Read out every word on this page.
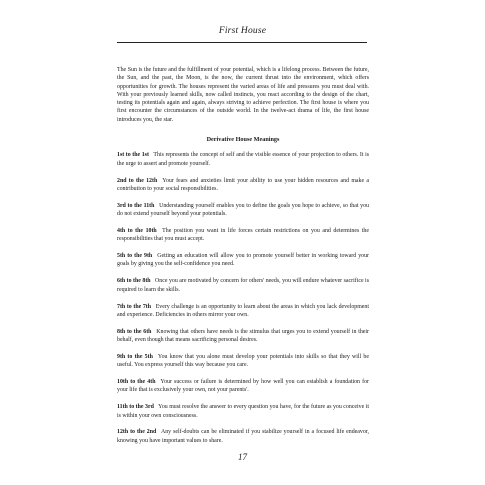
First House

The Sun is the future and the fulfillment of your potential, which is a lifelong process. Between the future, the Sun, and the past, the Moon, is the now, the current thrust into the environment, which offers opportunities for growth. The houses represent the varied areas of life and pressures you must deal with. With your previously learned skills, now called instincts, you react according to the design of the chart, testing its potentials again and again, always striving to achieve perfection. The first house is where you first encounter the circumstances of the outside world. In the twelve-act drama of life, the first house introduces you, the star.

Derivative House Meanings

1st to the 1st This represents the concept of self and the visible essence of your projection to others. It is the urge to assert and promote yourself.

2nd to the 12th Your fears and anxieties limit your ability to use your hidden resources and make a contribution to your social responsibilities.

3rd to the 11th Understanding yourself enables you to define the goals you hope to achieve, so that you do not extend yourself beyond your potentials.

4th to the 10th The position you want in life forces certain restrictions on you and determines the responsibilities that you must accept.

5th to the 9th Getting an education will allow you to promote yourself better in working toward your goals by giving you the self-confidence you need.

6th to the 8th Once you are motivated by concern for others' needs, you will endure whatever sacrifice is required to learn the skills.

7th to the 7th Every challenge is an opportunity to learn about the areas in which you lack development and experience. Deficiencies in others mirror your own.

8th to the 6th Knowing that others have needs is the stimulus that urges you to extend yourself in their behalf, even though that means sacrificing personal desires.

9th to the 5th You know that you alone must develop your potentials into skills so that they will be useful. You express yourself this way because you care.

10th to the 4th Your success or failure is determined by how well you can establish a foundation for your life that is exclusively your own, not your parents'.

11th to the 3rd You must resolve the answer to every question you have, for the future as you conceive it is within your own consciousness.

12th to the 2nd Any self-doubts can be eliminated if you stabilize yourself in a focused life endeavor, knowing you have important values to share.

17
